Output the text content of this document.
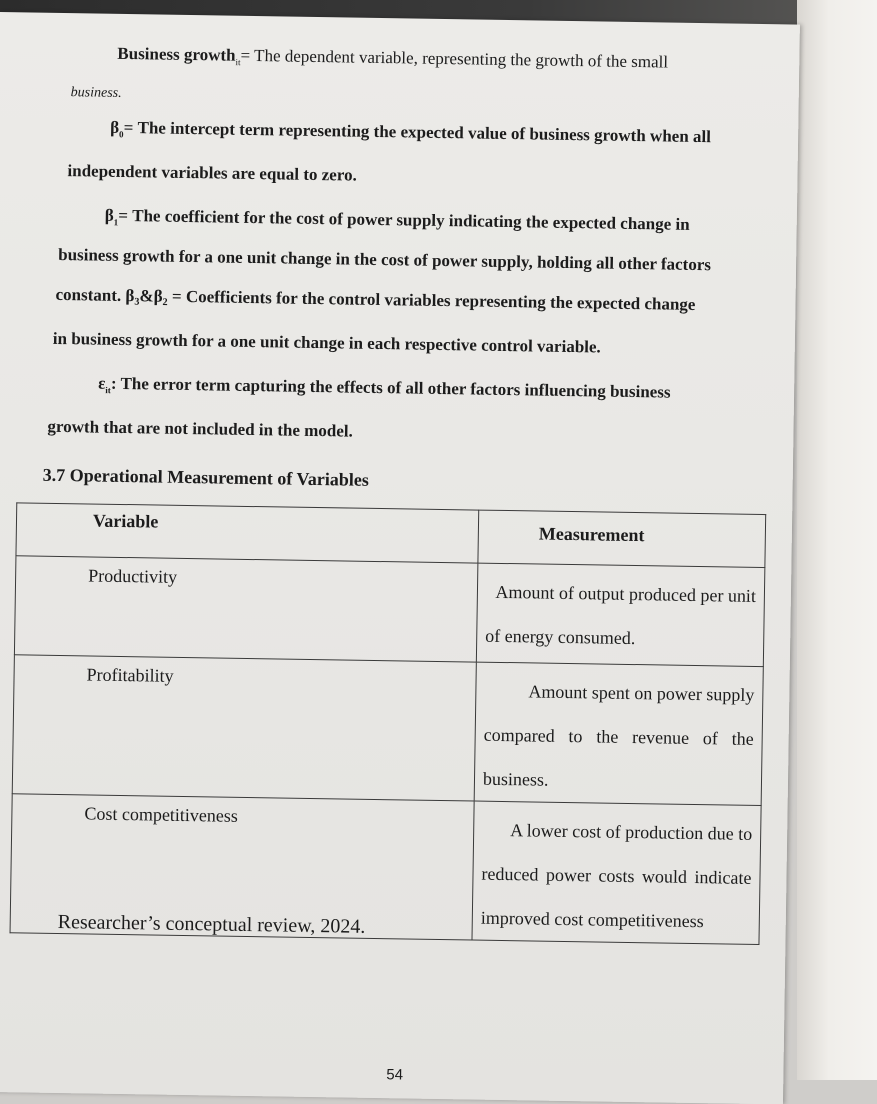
Business growth$_{it}$= The dependent variable, representing the growth of the small
business.
$\beta_0=$ The intercept term representing the expected value of business growth when all
independent variables are equal to zero.
$\beta_1=$ The coefficient for the cost of power supply indicating the expected change in
business growth for a one unit change in the cost of power supply, holding all other factors
constant. β₃&β₂ = Coefficients for the control variables representing the expected change
in business growth for a one unit change in each respective control variable.
$\varepsilon_{it}$: The error term capturing the effects of all other factors influencing business
growth that are not included in the model.
3.7 Operational Measurement of Variables
Variable	Measurement
Productivity	Amount of output produced per unit
of energy consumed.
Profitability	Amount spent on power supply
compared to the revenue of the business.
Cost competitiveness	A lower cost of production due to
reduced power costs would indicate improved cost competitiveness
Researcher’s conceptual review, 2024.
54
